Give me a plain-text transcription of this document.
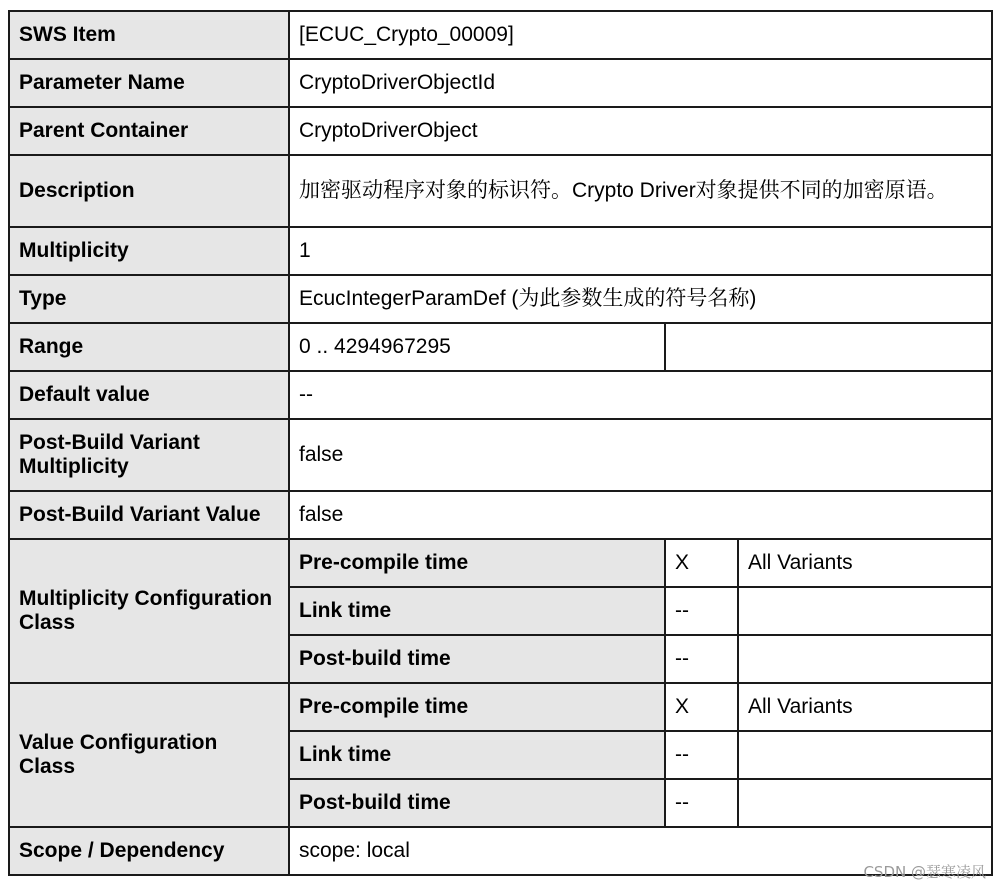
SWS Item	[ECUC_Crypto_00009]		
Parameter Name	CryptoDriverObjectId		
Parent Container	CryptoDriverObject		
Description	加密驱动程序对象的标识符。Crypto Driver对象提供不同的加密原语。		
Multiplicity	1		
Type	EcucIntegerParamDef (为此参数生成的符号名称)		
Range	0 .. 4294967295		
Default value	--		
Post-Build Variant Multiplicity	false		
Post-Build Variant Value	false		
Multiplicity Configuration Class	Pre-compile time	X	All Variants
	Link time	--	
	Post-build time	--	
Value Configuration Class	Pre-compile time	X	All Variants
	Link time	--	
	Post-build time	--	
Scope / Dependency	scope: local		
CSDN @瑟寒凌风
